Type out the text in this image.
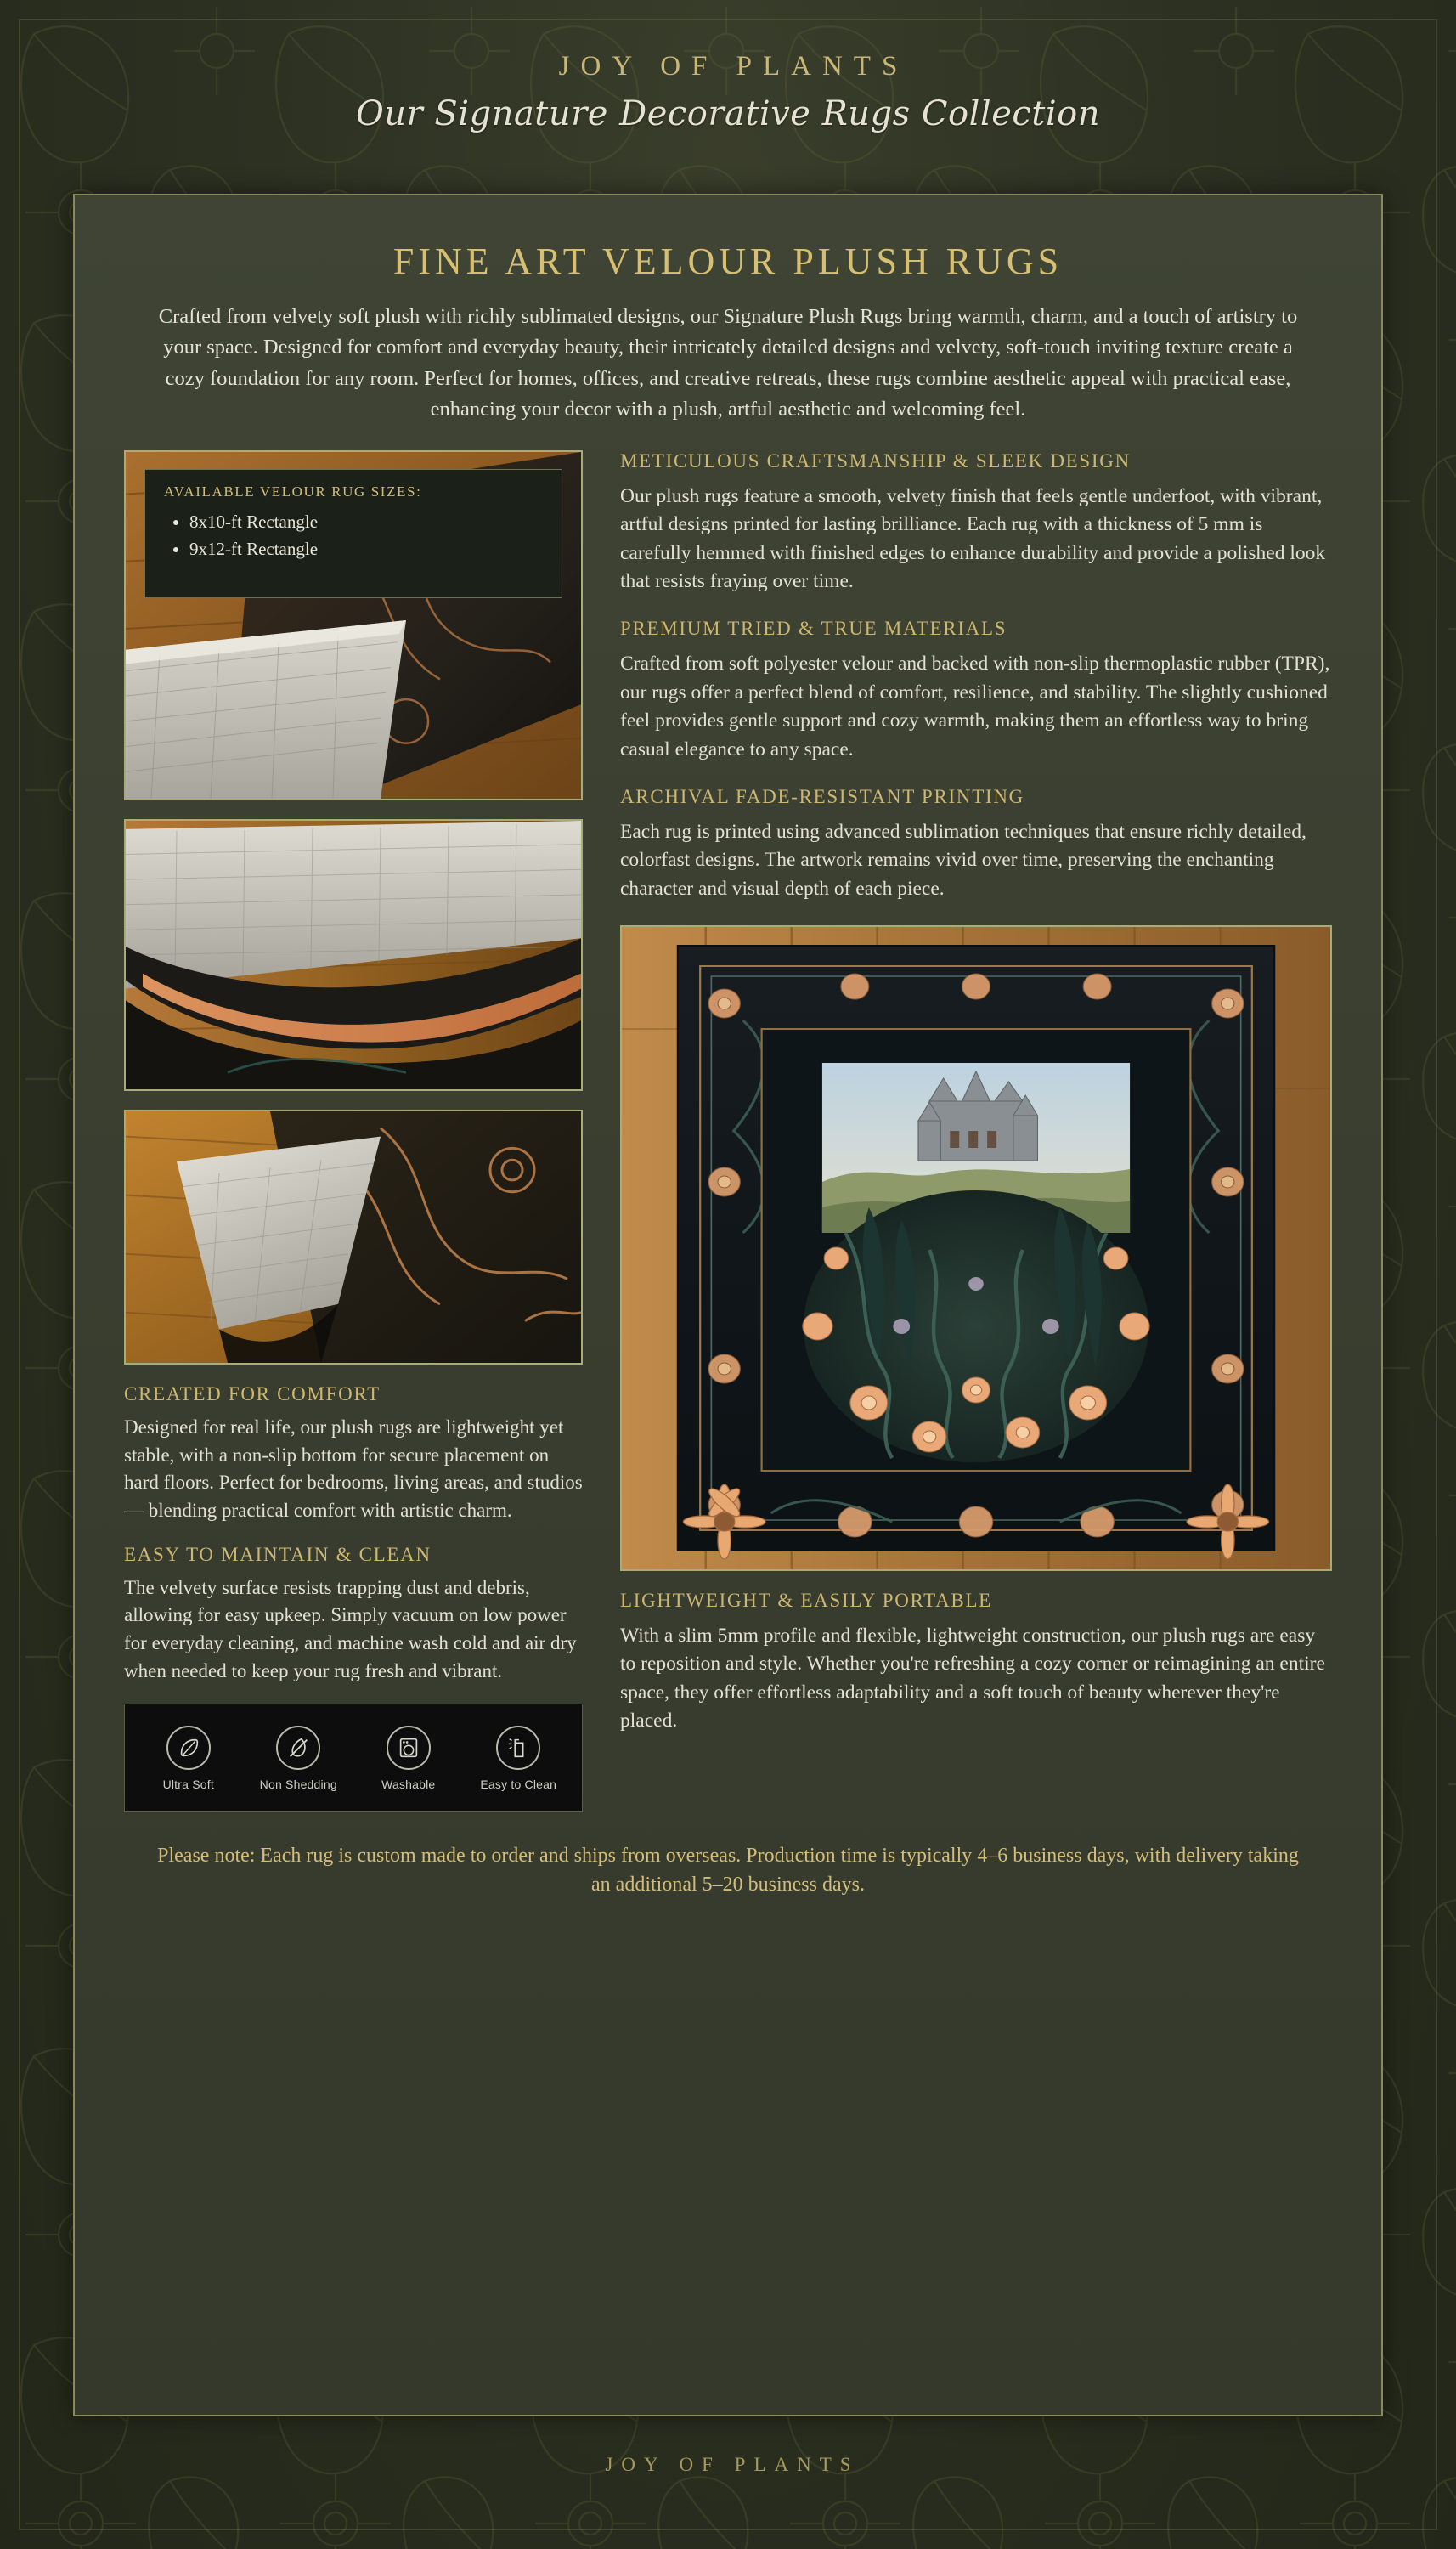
JOY OF PLANTS
Our Signature Decorative Rugs Collection
FINE ART VELOUR PLUSH RUGS

Crafted from velvety soft plush with richly sublimated designs, our Signature Plush Rugs bring warmth, charm, and a touch of artistry to your space. Designed for comfort and everyday beauty, their intricately detailed designs and velvety, soft-touch inviting texture create a cozy foundation for any room. Perfect for homes, offices, and creative retreats, these rugs combine aesthetic appeal with practical ease, enhancing your decor with a plush, artful aesthetic and welcoming feel.

AVAILABLE VELOUR RUG SIZES:
• 8x10-ft Rectangle
• 9x12-ft Rectangle
CREATED FOR COMFORT

Designed for real life, our plush rugs are lightweight yet stable, with a non-slip bottom for secure placement on hard floors. Perfect for bedrooms, living areas, and studios — blending practical comfort with artistic charm.

EASY TO MAINTAIN & CLEAN

The velvety surface resists trapping dust and debris, allowing for easy upkeep. Simply vacuum on low power for everyday cleaning, and machine wash cold and air dry when needed to keep your rug fresh and vibrant.

Ultra Soft	Non Shedding	Washable	Easy to Clean
METICULOUS CRAFTSMANSHIP & SLEEK DESIGN

Our plush rugs feature a smooth, velvety finish that feels gentle underfoot, with vibrant, artful designs printed for lasting brilliance. Each rug with a thickness of 5 mm is carefully hemmed with finished edges to enhance durability and provide a polished look that resists fraying over time.

PREMIUM TRIED & TRUE MATERIALS

Crafted from soft polyester velour and backed with non-slip thermoplastic rubber (TPR), our rugs offer a perfect blend of comfort, resilience, and stability. The slightly cushioned feel provides gentle support and cozy warmth, making them an effortless way to bring casual elegance to any space.

ARCHIVAL FADE-RESISTANT PRINTING

Each rug is printed using advanced sublimation techniques that ensure richly detailed, colorfast designs. The artwork remains vivid over time, preserving the enchanting character and visual depth of each piece.

LIGHTWEIGHT & EASILY PORTABLE

With a slim 5mm profile and flexible, lightweight construction, our plush rugs are easy to reposition and style. Whether you're refreshing a cozy corner or reimagining an entire space, they offer effortless adaptability and a soft touch of beauty wherever they're placed.

Please note: Each rug is custom made to order and ships from overseas. Production time is typically 4–6 business days, with delivery taking an additional 5–20 business days.

JOY OF PLANTS
